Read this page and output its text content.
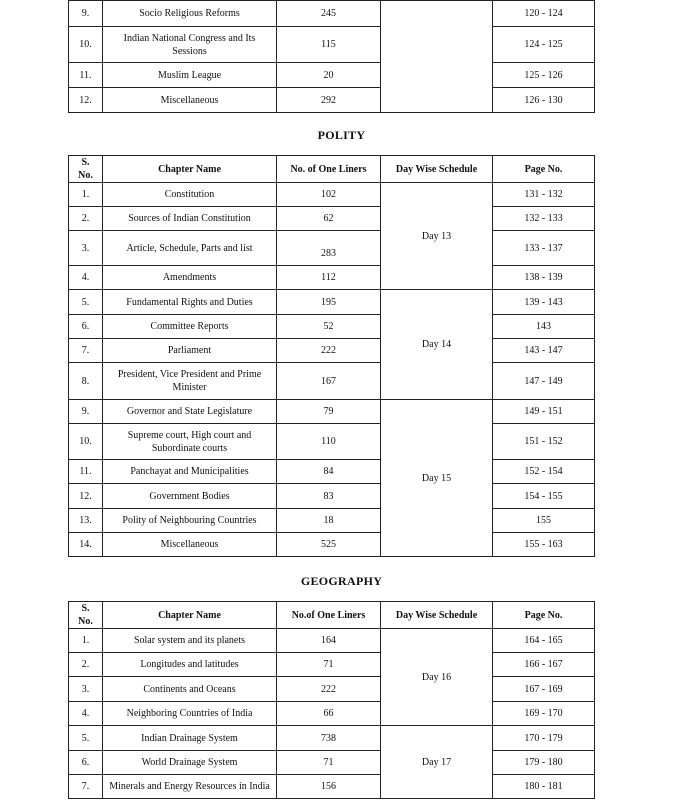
9.	Socio Religious Reforms	245		120 - 124
10.	Indian National Congress and Its Sessions	115		124 - 125
11.	Muslim League	20		125 - 126
12.	Miscellaneous	292		126 - 130
POLITY
S. No.	Chapter Name	No. of One Liners	Day Wise Schedule	Page No.
1.	Constitution	102	Day 13	131 - 132
2.	Sources of Indian Constitution	62		132 - 133
3.	Article, Schedule, Parts and list	283		133 - 137
4.	Amendments	112		138 - 139
5.	Fundamental Rights and Duties	195	Day 14	139 - 143
6.	Committee Reports	52		143
7.	Parliament	222		143 - 147
8.	President, Vice President and Prime Minister	167		147 - 149
9.	Governor and State Legislature	79	Day 15	149 - 151
10.	Supreme court, High court and Subordinate courts	110		151 - 152
11.	Panchayat and Municipalities	84		152 - 154
12.	Government Bodies	83		154 - 155
13.	Polity of Neighbouring Countries	18		155
14.	Miscellaneous	525		155 - 163
GEOGRAPHY
S. No.	Chapter Name	No.of One Liners	Day Wise Schedule	Page No.
1.	Solar system and its planets	164	Day 16	164 - 165
2.	Longitudes and latitudes	71		166 - 167
3.	Continents and Oceans	222		167 - 169
4.	Neighboring Countries of India	66		169 - 170
5.	Indian Drainage System	738	Day 17	170 - 179
6.	World Drainage System	71		179 - 180
7.	Minerals and Energy Resources in India	156		180 - 181
